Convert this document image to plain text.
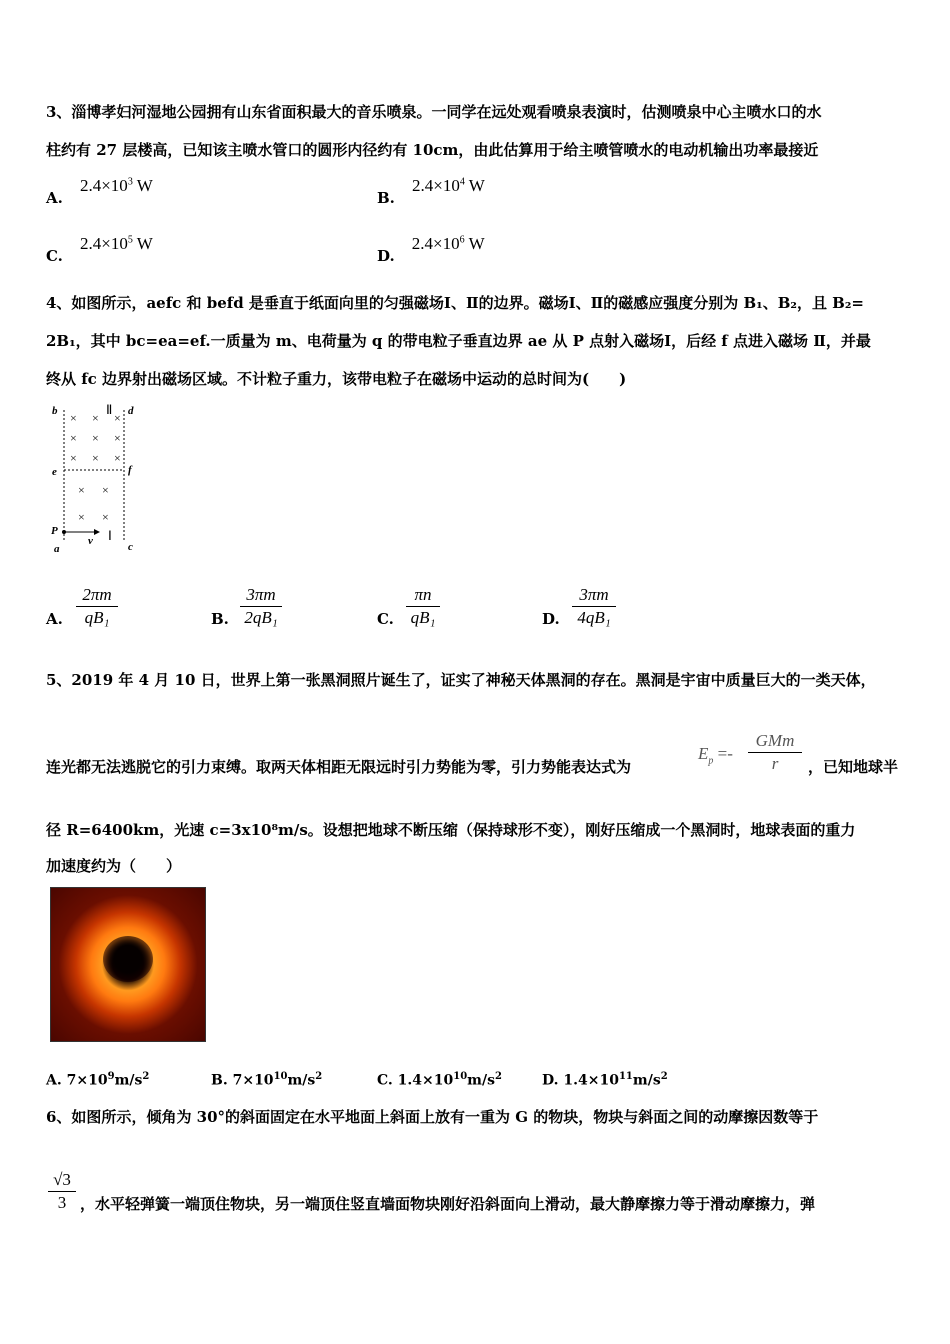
3、淄博孝妇河湿地公园拥有山东省面积最大的音乐喷泉。一同学在远处观看喷泉表演时，估测喷泉中心主喷水口的水
柱约有 27 层楼高，已知该主喷水管口的圆形内径约有 10cm，由此估算用于给主喷管喷水的电动机输出功率最接近
A. $2.4\times 10^3$ W
B. $2.4\times 10^4$ W
C. $2.4\times 10^5$ W
D. $2.4\times 10^6$ W
4、如图所示，aefc 和 befd 是垂直于纸面向里的匀强磁场Ⅰ、Ⅱ的边界。磁场Ⅰ、Ⅱ的磁感应强度分别为 B₁、B₂，且 B₂=
2B₁，其中 bc=ea=ef.一质量为 m、电荷量为 q 的带电粒子垂直边界 ae 从 P 点射入磁场Ⅰ，后经 f 点进入磁场 Ⅱ，并最
终从 fc 边界射出磁场区域。不计粒子重力，该带电粒子在磁场中运动的总时间为(　　)
× × ×
× × ×
× × ×
× ×
× ×
b	d
e	f
P
a
v	c
Ⅱ
Ⅰ
A. $\frac{2\pi m}{\text{qB₁}}$	B. $\frac{3\pi m}{\text{2qB₁}}$	C. $\frac{\pi n}{\text{qB₁}}$	D. $\frac{3\pi m}{\text{4qB₁}}$
5、2019 年 4 月 10 日，世界上第一张黑洞照片诞生了，证实了神秘天体黑洞的存在。黑洞是宇宙中质量巨大的一类天体，
连光都无法逃脱它的引力束缚。取两天体相距无限远时引力势能为零，引力势能表达式为
$E_p$ =-
GMm
r	，已知地球半
径 R=6400km，光速 c=3x10⁸m/s。设想把地球不断压缩（保持球形不变），刚好压缩成一个黑洞时，地球表面的重力
加速度约为（　　）
A. $7\times 10^9m/s^2$	B. $7\times 10^{10}m/s^2$	C. $1.4\times 10^{10}m/s^2$	D. $1.4\times 10^{11}m/s^2$
6、如图所示，倾角为 30°的斜面固定在水平地面上斜面上放有一重为 G 的物块，物块与斜面之间的动摩擦因数等于
$\frac{√3}{3}$ ，水平轻弹簧一端顶住物块，另一端顶住竖直墙面物块刚好沿斜面向上滑动，最大静摩擦力等于滑动摩擦力，弹
